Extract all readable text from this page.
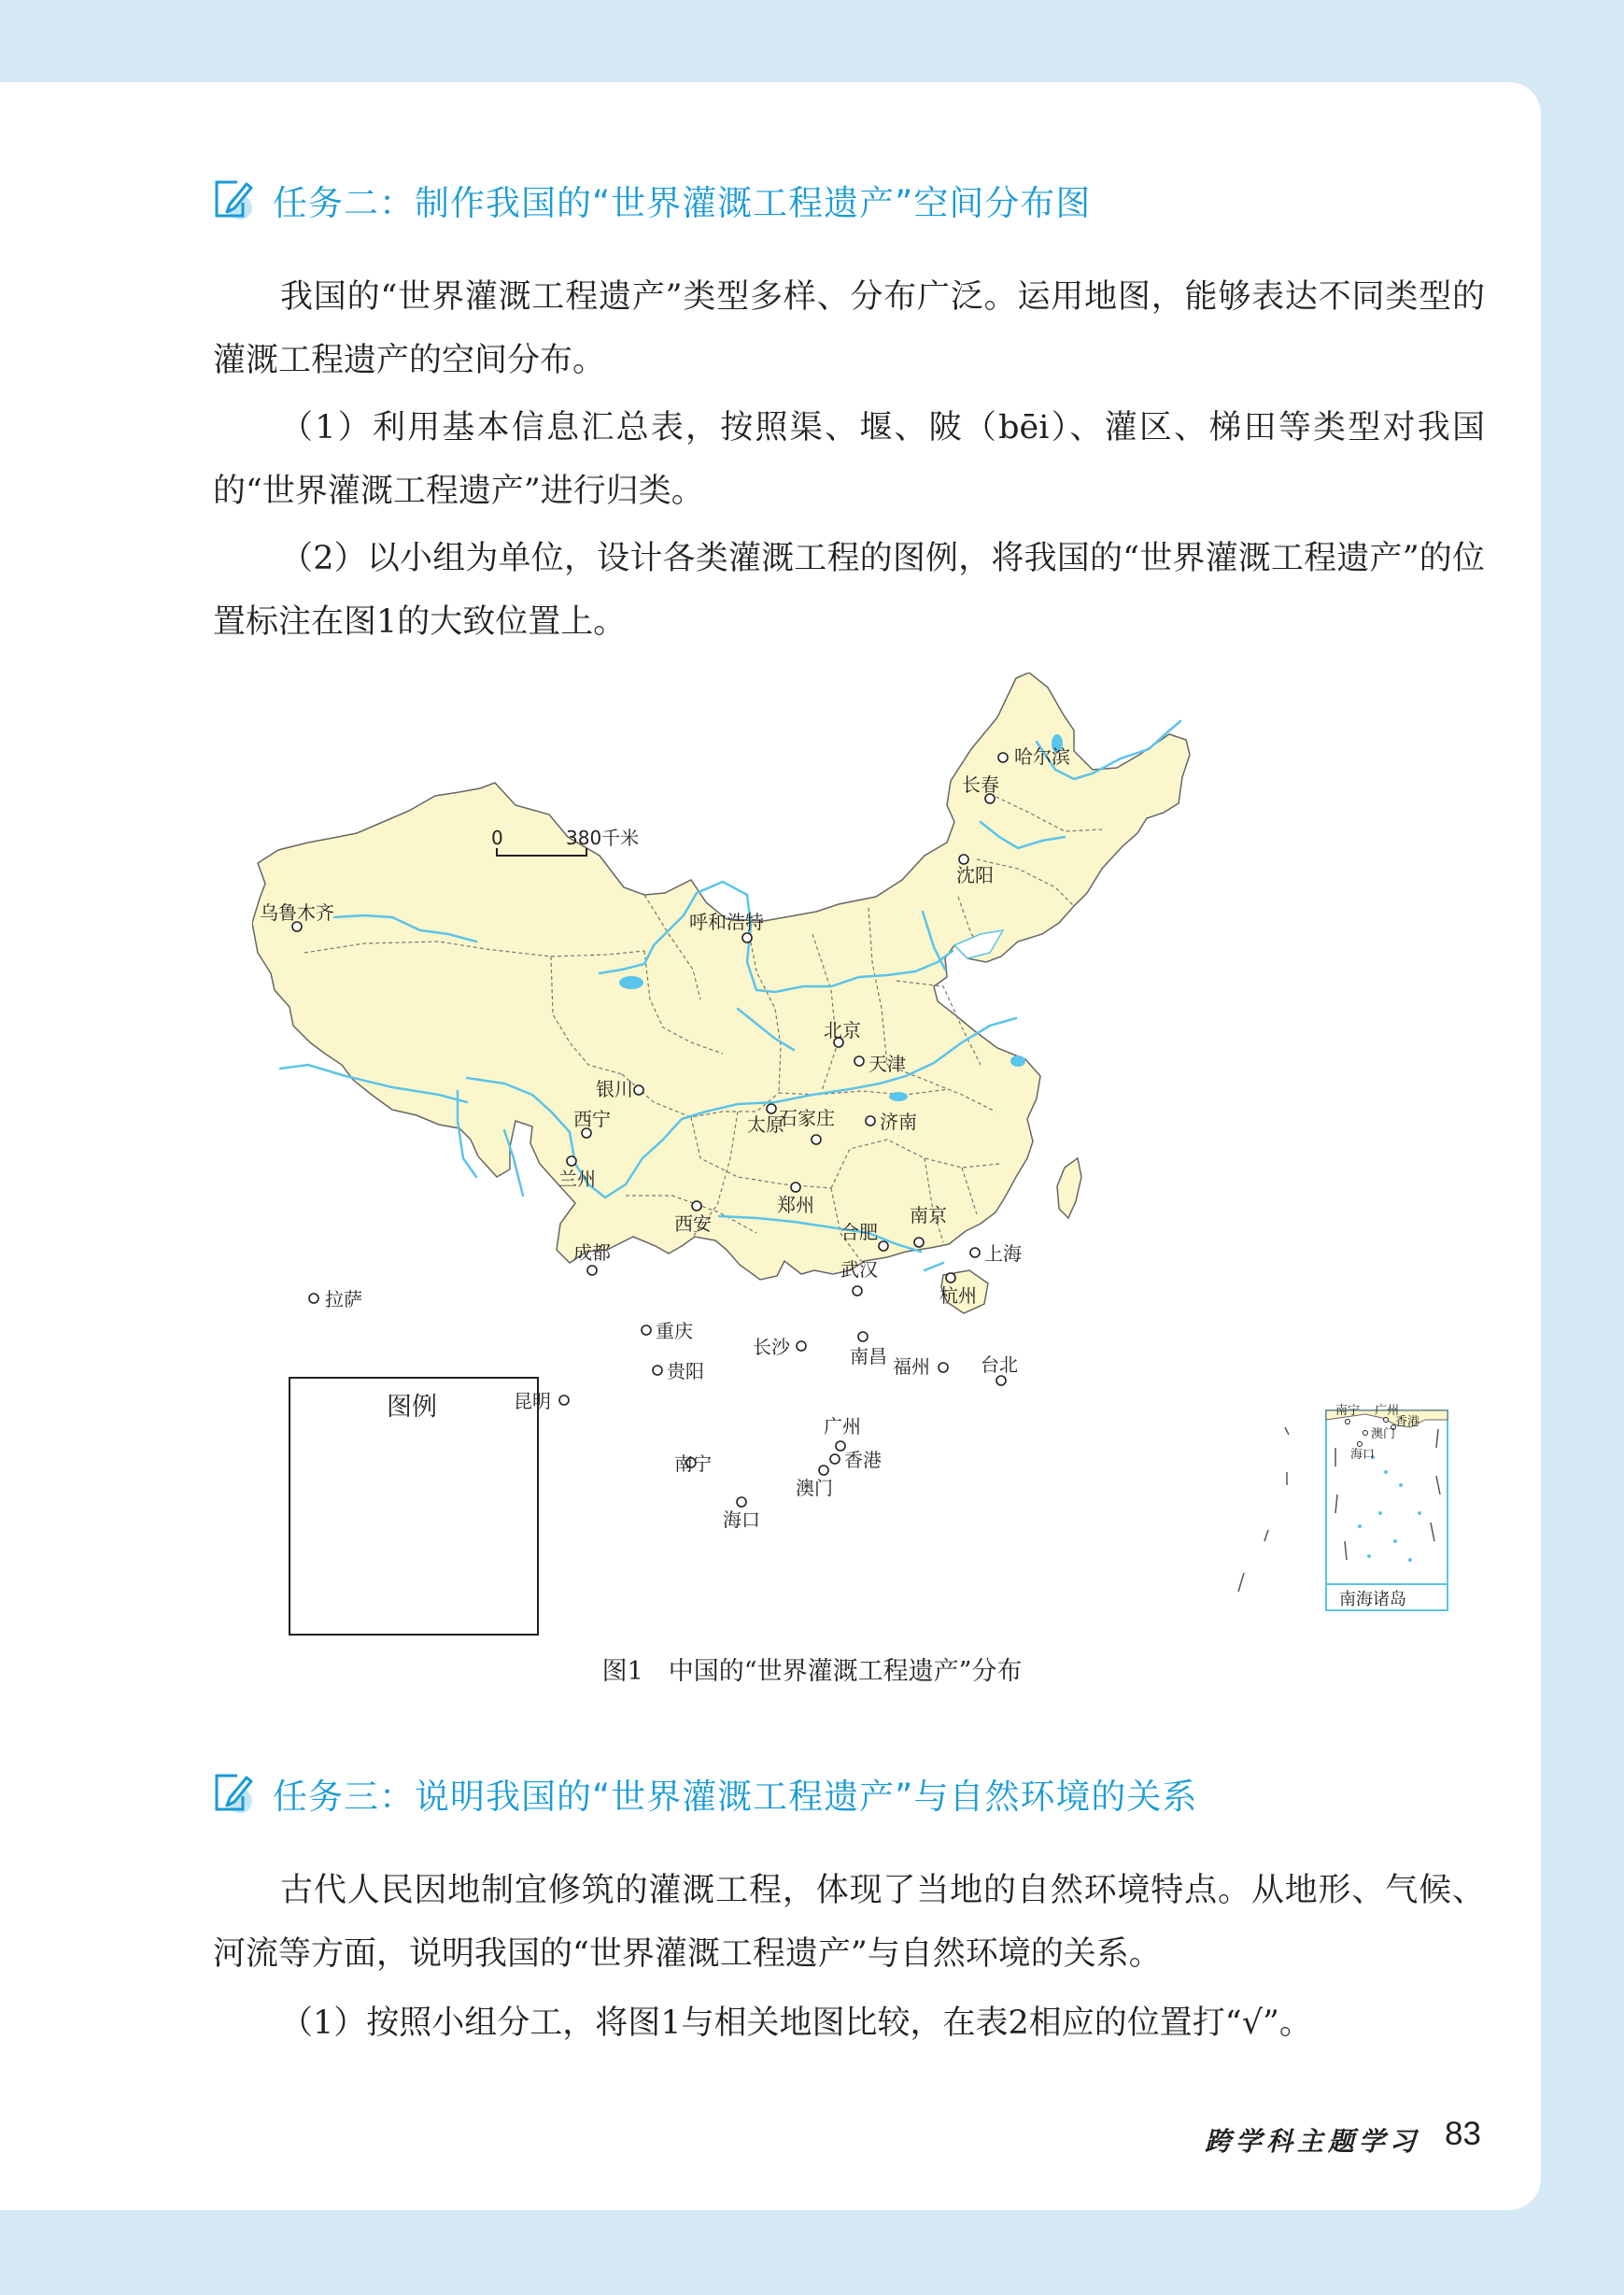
任务二：制作我国的“世界灌溉工程遗产”空间分布图

我国的“世界灌溉工程遗产”类型多样、分布广泛。运用地图，能够表达不同类型的灌溉工程遗产的空间分布。

（1）利用基本信息汇总表，按照渠、堰、陂（bēi）、灌区、梯田等类型对我国的“世界灌溉工程遗产”进行归类。

（2）以小组为单位，设计各类灌溉工程的图例，将我国的“世界灌溉工程遗产”的位置标注在图1的大致位置上。

0	380千米
图例
南海诸岛
南宁 广州
香港
澳门
海口
乌鲁木齐
哈尔滨
长春
沈阳
呼和浩特
北京
天津
石家庄
银川
太原	济南
西宁
兰州
郑州
西安	合肥
南京
上海
成都
武汉
杭州
拉萨
重庆
长沙	南昌 福州	台北
贵阳
昆明
广州
南宁	香港
澳门
海口
图1　中国的“世界灌溉工程遗产”分布
任务三：说明我国的“世界灌溉工程遗产”与自然环境的关系

古代人民因地制宜修筑的灌溉工程，体现了当地的自然环境特点。从地形、气候、河流等方面，说明我国的“世界灌溉工程遗产”与自然环境的关系。

（1）按照小组分工，将图1与相关地图比较，在表2相应的位置打“√”。

跨学科主题学习 83
